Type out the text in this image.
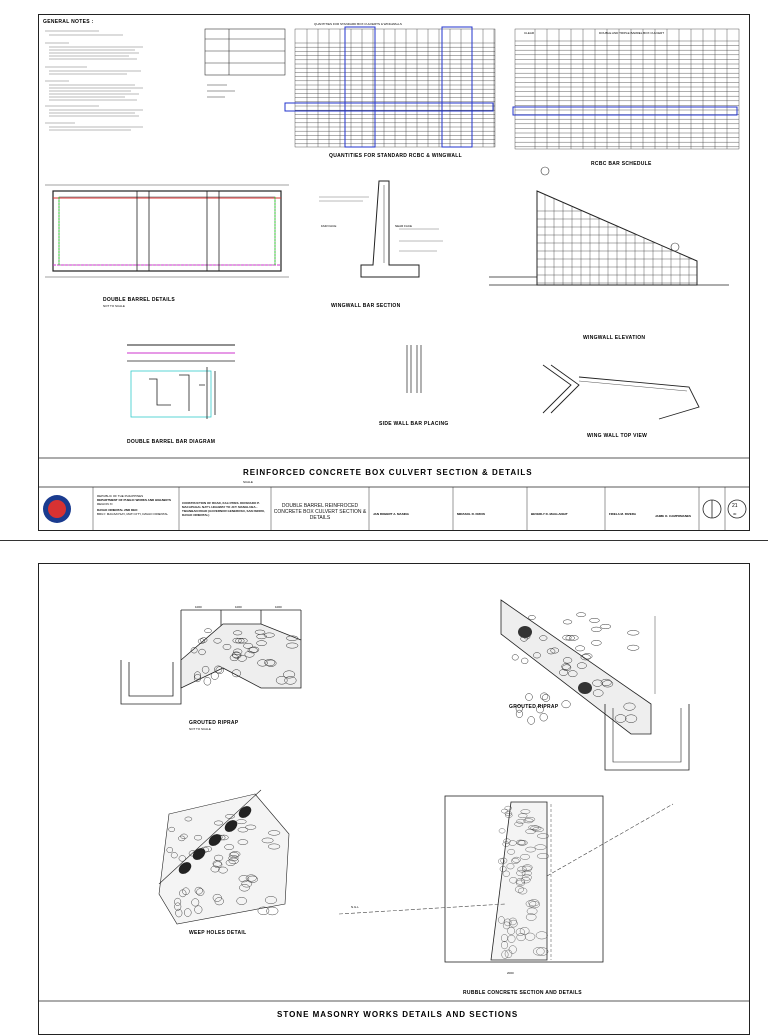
GENERAL NOTES :	QUANTITIES FOR STANDARD BOX CULVERTS & WINGWALLS
QUANTITIES FOR STANDARD RCBC & WINGWALL
CLEAR	DOUBLE AND TRIPLE BARREL BOX CULVERT
RCBC BAR SCHEDULE
DOUBLE BARREL DETAILS
NOT TO SCALE
FAIR FACE	NEAR FACE
WINGWALL BAR SECTION
WINGWALL ELEVATION
DOUBLE BARREL BAR DIAGRAM
SIDE WALL BAR PLACING
WING WALL TOP VIEW
REINFORCED CONCRETE BOX CULVERT SECTION & DETAILS
SCALE
REPUBLIC OF THE PHILIPPINES
DEPARTMENT OF PUBLIC WORKS AND HIGHWAYS
REGION XI
DAVAO ORIENTAL 2ND DEO
BRGY. MAGSAYSAY, MATI CITY, DAVAO ORIENTAL
CONSTRUCTION OF ROAD, KALI PRES. DIOSDADO P. MACAPAGAL NAT'L HIGHWAY TO JCT. MANGLUBA - TIBANBAN ROAD (GOVERNOR GENEROSO, SAN ISIDRO, DAVAO ORIENTAL)
DOUBLE BARREL REINFROCED CONCRETE BOX CULVERT SECTION & DETAILS
JAN ROBERT A. MASINA	MIRASOL R. DIZON	BEVERLY D. MAGLANGIT	FIDELA M. RIVERA	JAIME O. CAMPOMANES
21
30
1000	1000	1000
GROUTED RIPRAP
NOT TO SCALE
GROUTED RIPRAP
WEEP HOLES DETAIL
N.G.L
2000
RUBBLE CONCRETE SECTION AND DETAILS
STONE MASONRY WORKS DETAILS AND SECTIONS
